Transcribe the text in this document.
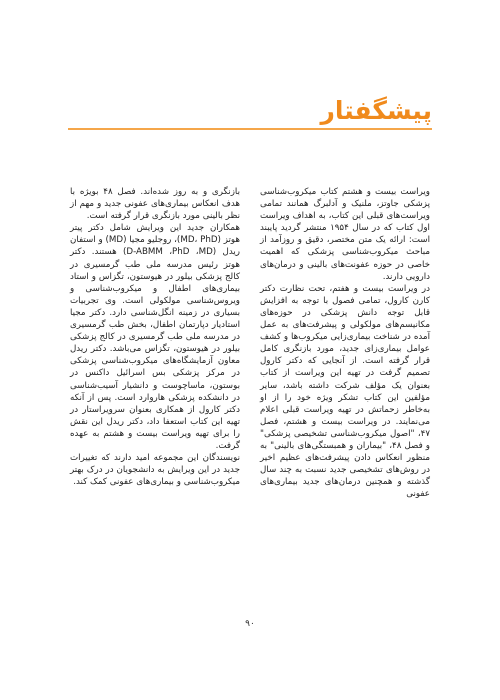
پیشگفتار

ویراست بیست و هشتم کتاب میکروب‌شناسی پزشکی جاوتز، ملنیک و آدلبرگ همانند تمامی ویراست‌های قبلی این کتاب، به اهداف ویراست اول کتاب که در سال ۱۹۵۴ منتشر گردید پایبند است: ارائه یک متن مختصر، دقیق و روزآمد از مباحث میکروب‌شناسی پزشکی که اهمیت خاصی در حوزه عفونت‌های بالینی و درمان‌های دارویی دارند.

در ویراست بیست و هفتم، تحت نظارت دکتر کارن کارول، تمامی فصول با توجه به افزایش قابل توجه دانش پزشکی در حوزه‌های مکانیسم‌های مولکولی و پیشرفت‌های به عمل آمده در شناخت بیماری‌زایی میکروب‌ها و کشف عوامل بیماری‌زای جدید، مورد بازنگری کامل قرار گرفته است. از آنجایی که دکتر کارول تصمیم گرفت در تهیه این ویراست از کتاب بعنوان یک مؤلف شرکت داشته باشد، سایر مؤلفین این کتاب تشکر ویژه خود را از او به‌خاطر زحماتش در تهیه ویراست قبلی اعلام می‌نمایند. در ویراست بیست و هشتم، فصل ۴۷، "اصول میکروب‌شناسی تشخیصی پزشکی" و فصل ۴۸، "بیماران و همبستگی‌های بالینی" به منظور انعکاس دادن پیشرفت‌های عظیم اخیر در روش‌های تشخیصی جدید نسبت به چند سال گذشته و همچنین درمان‌های جدید بیماری‌های عفونی

بازنگری و به روز شده‌اند. فصل ۴۸ بویژه با هدف انعکاس بیماری‌های عفونی جدید و مهم از نظر بالینی مورد بازنگری قرار گرفته است.

همکاران جدید این ویرایش شامل دکتر پیتر هوتز (MD، PhD)، روجلیو مجیا (MD) و استفان ریدل (D-ABMM ،PhD ،MD) هستند. دکتر هوتز رئیس مدرسه ملی طب گرمسیری در کالج پزشکی بیلور در هیوستون، تگزاس و استاد بیماری‌های اطفال و میکروب‌شناسی و ویروس‌شناسی مولکولی است. وی تجربیات بسیاری در زمینه انگل‌شناسی دارد. دکتر مجیا استادیار دپارتمان اطفال، بخش طب گرمسیری در مدرسه ملی طب گرمسیری در کالج پزشکی بیلور در هیوستون، تگزاس می‌باشد. دکتر ریدل معاون آزمایشگاه‌های میکروب‌شناسی پزشکی در مرکز پزشکی بس اسرائیل داکنس در بوستون، ماساچوست و دانشیار آسیب‌شناسی در دانشکده پزشکی هاروارد است. پس از آنکه دکتر کارول از همکاری بعنوان سرویراستار در تهیه این کتاب استعفا داد، دکتر ریدل این نقش را برای تهیه ویراست بیست و هشتم به عهده گرفت.

نویسندگان این مجموعه امید دارند که تغییرات جدید در این ویرایش به دانشجویان در درک بهتر میکروب‌شناسی و بیماری‌های عفونی کمک کند.

۹۰
